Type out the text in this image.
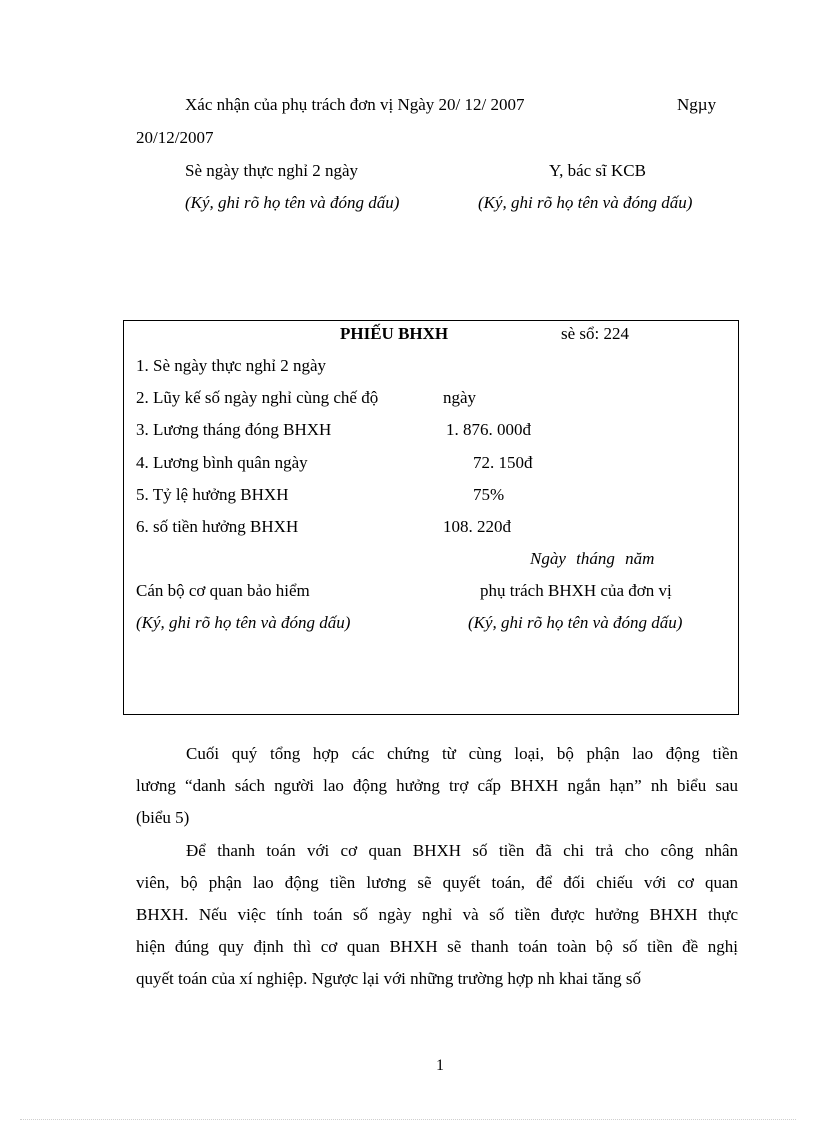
Xác nhận của phụ trách đơn vị Ngày 20/ 12/ 2007	Ngµy
20/12/2007
Sè ngày thực nghỉ 2 ngày	Y, bác sĩ KCB
(Ký, ghi rõ họ tên và đóng dấu)	(Ký, ghi rõ họ tên và đóng dấu)
PHIẾU BHXH	sè sổ: 224
1. Sè ngày thực nghỉ 2 ngày
2. Lũy kế số ngày nghỉ cùng chế độ	ngày
3. Lương tháng đóng BHXH	1. 876. 000đ
4. Lương bình quân ngày	72. 150đ
5. Tỷ lệ hưởng BHXH	75%
6. số tiền hưởng BHXH	108. 220đ
Ngày tháng năm
Cán bộ cơ quan bảo hiểm	phụ trách BHXH của đơn vị
(Ký, ghi rõ họ tên và đóng dấu)	(Ký, ghi rõ họ tên và đóng dấu)
Cuối quý tổng hợp các chứng từ cùng loại, bộ phận lao động tiền
lương “danh sách người lao động hưởng trợ cấp BHXH ngắn hạn” nh biểu sau
(biểu 5)
Để thanh toán với cơ quan BHXH số tiền đã chi trả cho công nhân
viên, bộ phận lao động tiền lương sẽ quyết toán, để đối chiếu với cơ quan
BHXH. Nếu việc tính toán số ngày nghỉ và số tiền được hưởng BHXH thực
hiện đúng quy định thì cơ quan BHXH sẽ thanh toán toàn bộ số tiền đề nghị
quyết toán của xí nghiệp. Ngược lại với những trường hợp nh khai tăng số
1
